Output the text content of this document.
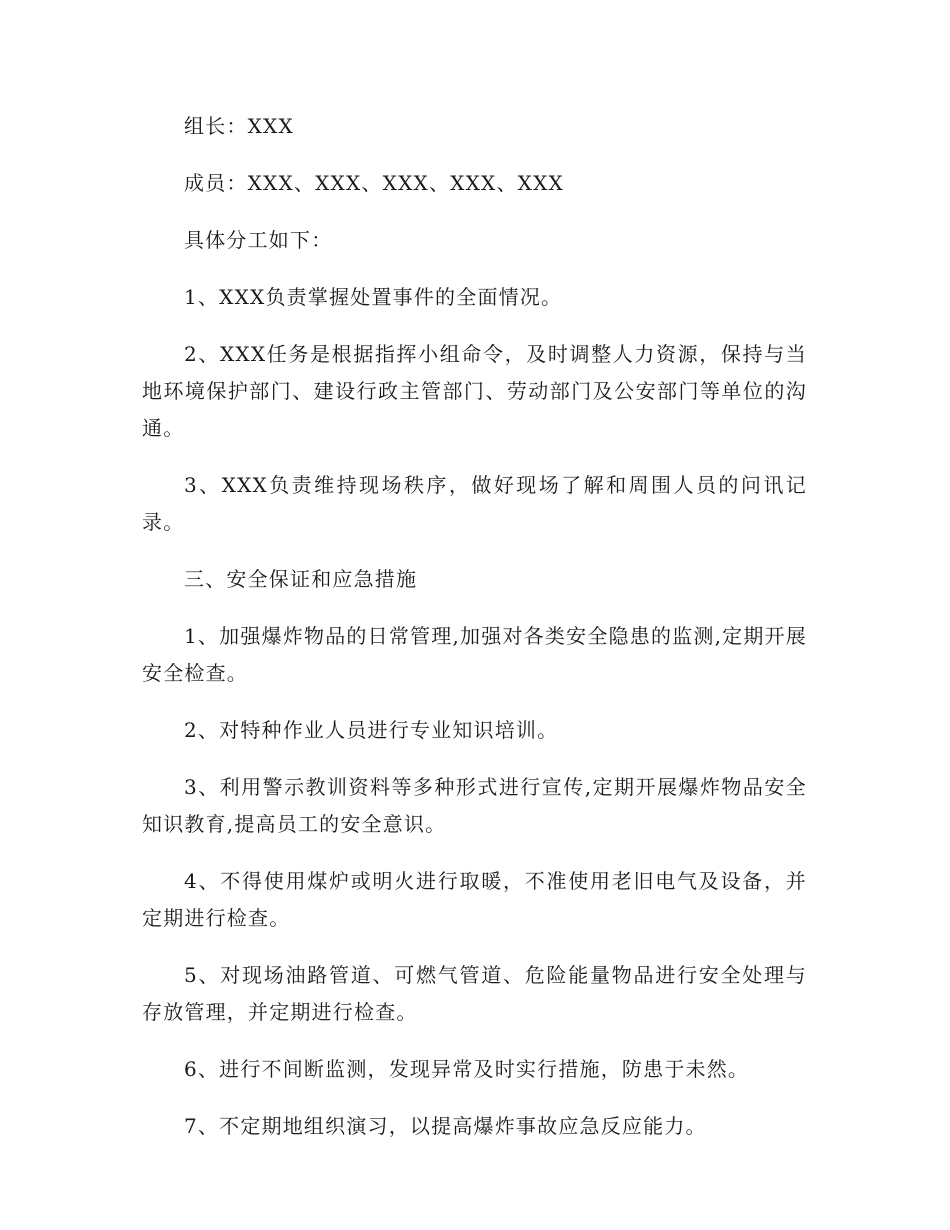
组长：XXX

成员：XXX、XXX、XXX、XXX、XXX

具体分工如下：

1、XXX负责掌握处置事件的全面情况。

2、XXX任务是根据指挥小组命令，及时调整人力资源，保持与当地环境保护部门、建设行政主管部门、劳动部门及公安部门等单位的沟通。

3、XXX负责维持现场秩序，做好现场了解和周围人员的问讯记录。

三、安全保证和应急措施

1、加强爆炸物品的日常管理,加强对各类安全隐患的监测,定期开展安全检查。

2、对特种作业人员进行专业知识培训。

3、利用警示教训资料等多种形式进行宣传,定期开展爆炸物品安全知识教育,提高员工的安全意识。

4、不得使用煤炉或明火进行取暖，不准使用老旧电气及设备，并定期进行检查。

5、对现场油路管道、可燃气管道、危险能量物品进行安全处理与存放管理，并定期进行检查。

6、进行不间断监测，发现异常及时实行措施，防患于未然。

7、不定期地组织演习，以提高爆炸事故应急反应能力。
